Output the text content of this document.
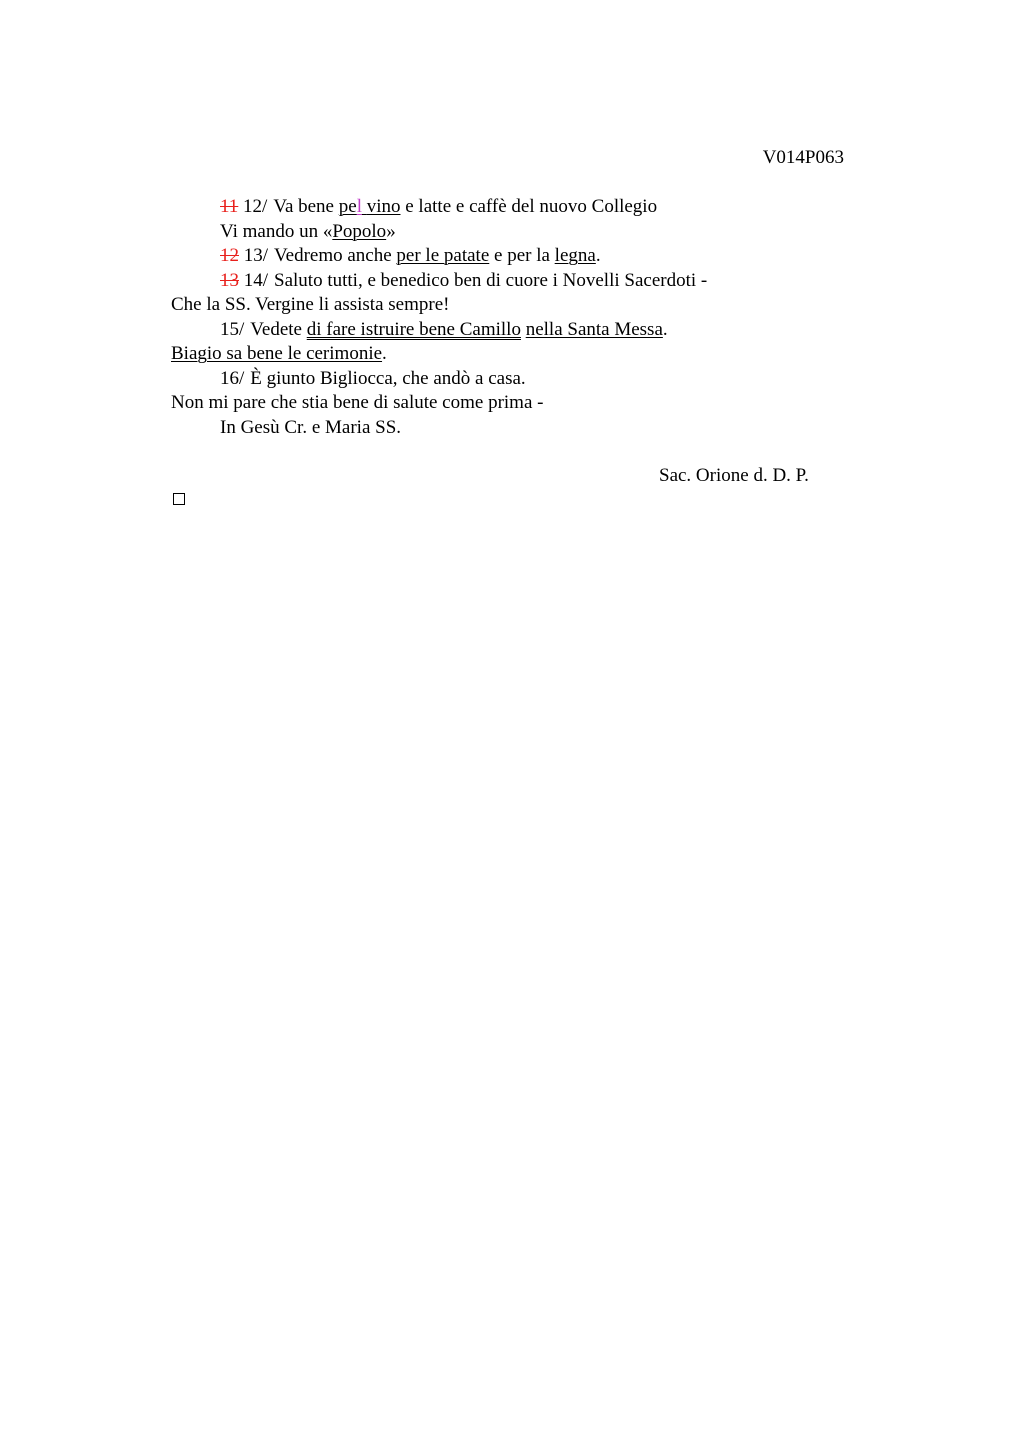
V014P063
11 12/ Va bene pel vino e latte e caffè del nuovo Collegio
Vi mando un «Popolo»
12 13/ Vedremo anche per le patate e per la legna.
13 14/ Saluto tutti, e benedico ben di cuore i Novelli Sacerdoti -
Che la SS. Vergine li assista sempre!
15/ Vedete di fare istruire bene Camillo nella Santa Messa.
Biagio sa bene le cerimonie.
16/ È giunto Bigliocca, che andò a casa.
Non mi pare che stia bene di salute come prima -
In Gesù Cr. e Maria SS.
Sac. Orione d. D. P.
